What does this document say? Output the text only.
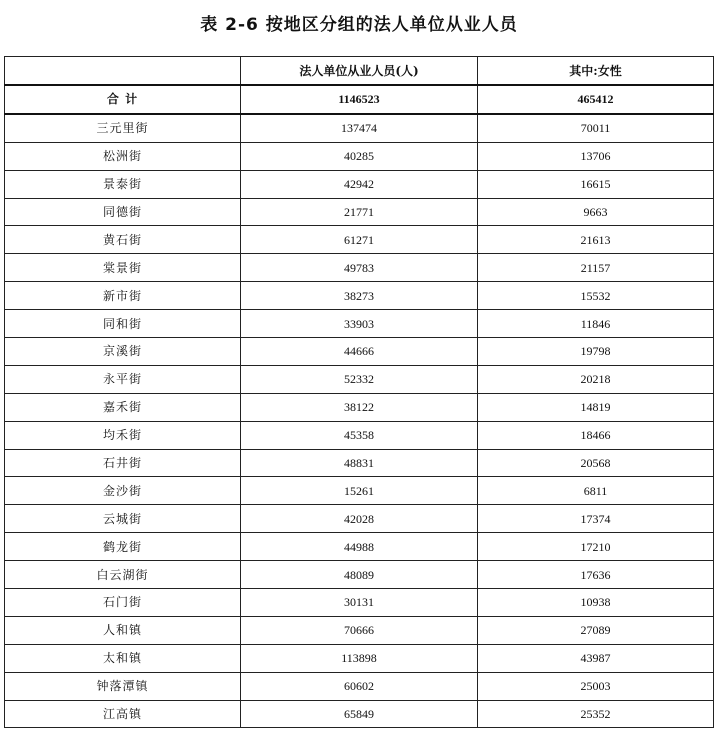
表 2-6 按地区分组的法人单位从业人员
	法人单位从业人员(人)	其中:女性
合 计	1146523	465412
三元里街	137474	70011
松洲街	40285	13706
景泰街	42942	16615
同德街	21771	9663
黄石街	61271	21613
棠景街	49783	21157
新市街	38273	15532
同和街	33903	11846
京溪街	44666	19798
永平街	52332	20218
嘉禾街	38122	14819
均禾街	45358	18466
石井街	48831	20568
金沙街	15261	6811
云城街	42028	17374
鹤龙街	44988	17210
白云湖街	48089	17636
石门街	30131	10938
人和镇	70666	27089
太和镇	113898	43987
钟落潭镇	60602	25003
江高镇	65849	25352
